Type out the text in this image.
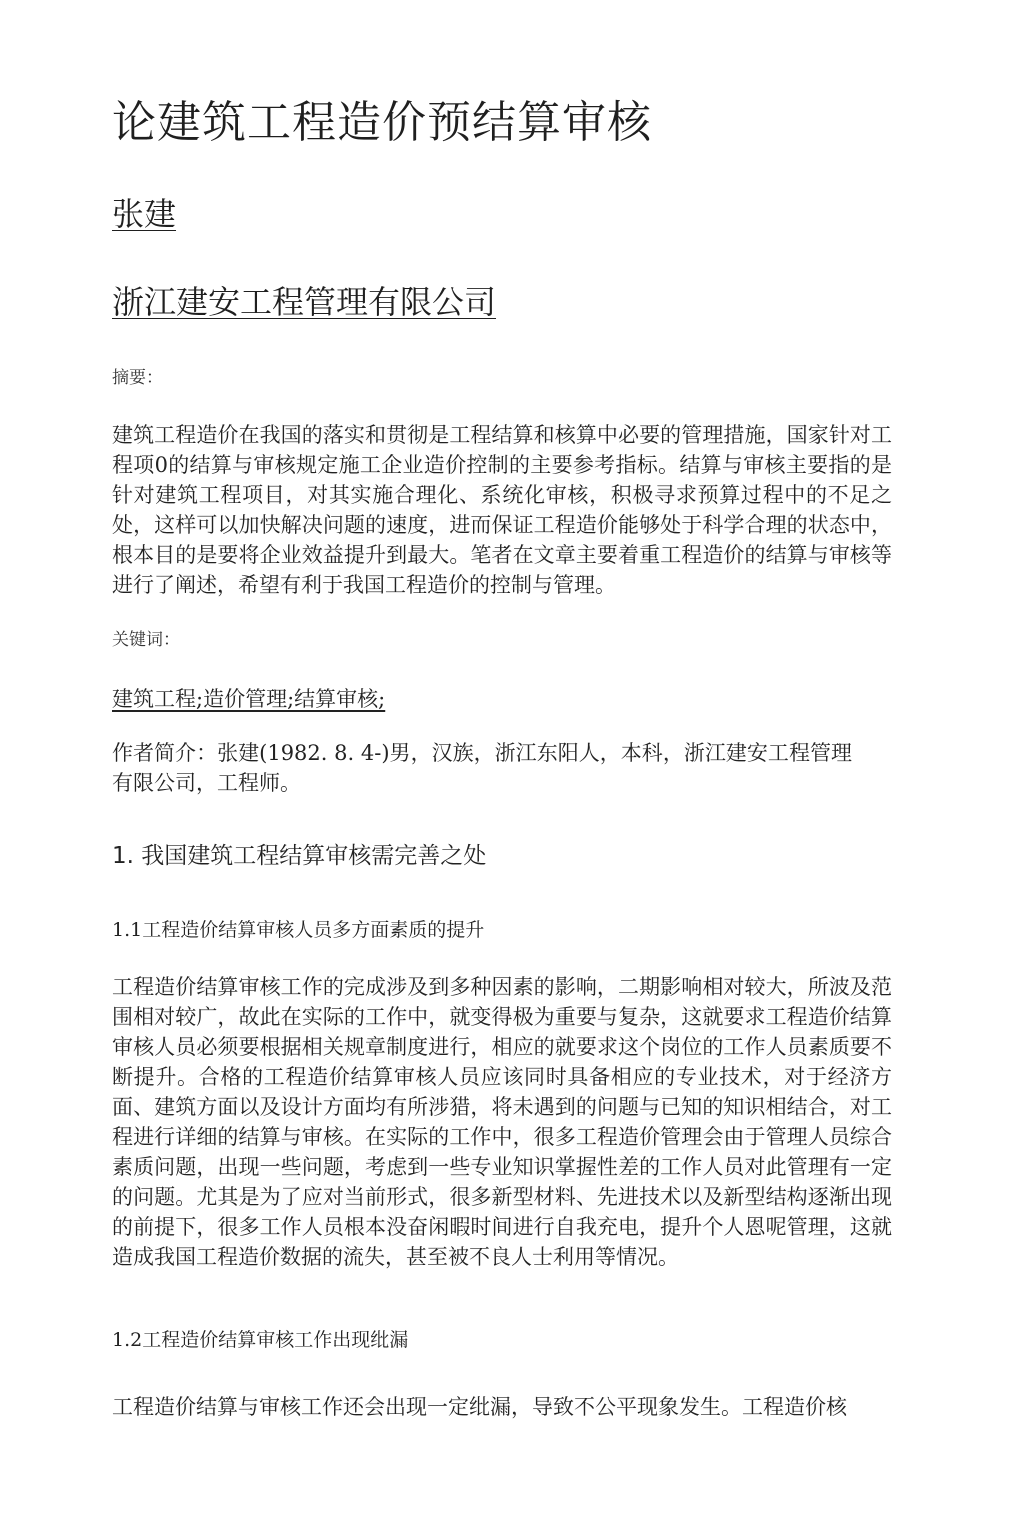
论建筑工程造价预结算审核
张建
浙江建安工程管理有限公司
摘要：

建筑工程造价在我国的落实和贯彻是工程结算和核算中必要的管理措施，国家针对工程项0的结算与审核规定施工企业造价控制的主要参考指标。结算与审核主要指的是针对建筑工程项目，对其实施合理化、系统化审核，积极寻求预算过程中的不足之处，这样可以加快解决问题的速度，进而保证工程造价能够处于科学合理的状态中，根本目的是要将企业效益提升到最大。笔者在文章主要着重工程造价的结算与审核等进行了阐述，希望有利于我国工程造价的控制与管理。

关键词：
建筑工程;造价管理;结算审核;

作者简介：张建(1982. 8. 4-)男，汉族，浙江东阳人，本科，浙江建安工程管理有限公司，工程师。

1. 我国建筑工程结算审核需完善之处
1.1工程造价结算审核人员多方面素质的提升

工程造价结算审核工作的完成涉及到多种因素的影响，二期影响相对较大，所波及范围相对较广，故此在实际的工作中，就变得极为重要与复杂，这就要求工程造价结算审核人员必须要根据相关规章制度进行，相应的就要求这个岗位的工作人员素质要不断提升。合格的工程造价结算审核人员应该同时具备相应的专业技术，对于经济方面、建筑方面以及设计方面均有所涉猎，将未遇到的问题与已知的知识相结合，对工程进行详细的结算与审核。在实际的工作中，很多工程造价管理会由于管理人员综合素质问题，出现一些问题，考虑到一些专业知识掌握性差的工作人员对此管理有一定的问题。尤其是为了应对当前形式，很多新型材料、先进技术以及新型结构逐渐出现的前提下，很多工作人员根本没奋闲暇时间进行自我充电，提升个人恩呢管理，这就造成我国工程造价数据的流失，甚至被不良人士利用等情况。

1.2工程造价结算审核工作出现纰漏

工程造价结算与审核工作还会出现一定纰漏，导致不公平现象发生。工程造价核
